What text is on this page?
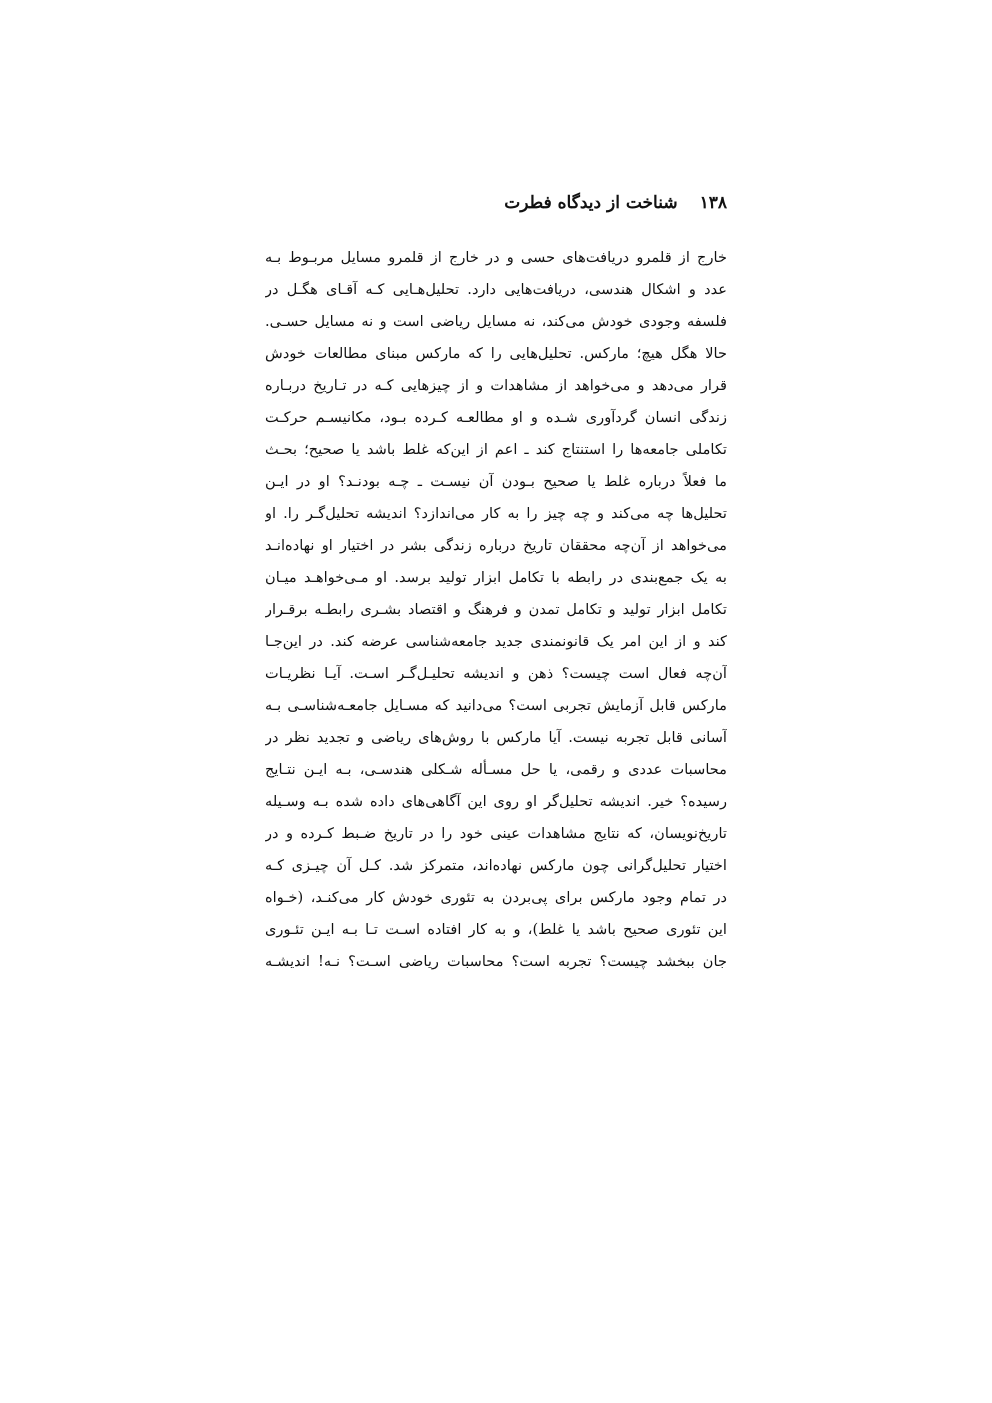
۱۳۸
شناخت از دیدگاه فطرت
خارج از قلمرو دریافت‌های حسی و در خارج از قلمرو مسایل مربـوط بـه
عدد و اشکال هندسی، دریافت‌هایی دارد. تحلیل‌هـایی کـه آقـای هگـل در
فلسفه وجودی خودش می‌کند، نه مسایل ریاضی است و نه مسایل حسـی.
حالا هگل هیچ؛ مارکس. تحلیل‌هایی را که مارکس مبنای مطالعات خودش
قرار می‌دهد و می‌خواهد از مشاهدات و از چیزهایی کـه در تـاریخ دربـاره
زندگی انسان گردآوری شـده و او مطالعـه کـرده بـود، مکانیسـم حرکـت
تکاملی جامعه‌ها را استنتاج کند ـ اعم از این‌که غلط باشد یا صحیح؛ بحـث
ما فعلاً درباره غلط یا صحیح بـودن آن نیسـت ـ چـه بودنـد؟ او در ایـن
تحلیل‌ها چه می‌کند و چه چیز را به کار می‌اندازد؟ اندیشه تحلیل‌گـر را. او
می‌خواهد از آن‌چه محققان تاریخ درباره زندگی بشر در اختیار او نهاده‌انـد
به یک جمع‌بندی در رابطه با تکامل ابزار تولید برسد. او مـی‌خواهـد میـان
تکامل ابزار تولید و تکامل تمدن و فرهنگ و اقتصاد بشـری رابطـه برقـرار
کند و از این امر یک قانونمندی جدید جامعه‌شناسی عرضه کند. در این‌جـا
آن‌چه فعال است چیست؟ ذهن و اندیشه تحلیـل‌گـر اسـت. آیـا نظریـات
مارکس قابل آزمایش تجربی است؟ می‌دانید که مسـایل جامعـه‌شناسـی بـه
آسانی قابل تجربه نیست. آیا مارکس با روش‌های ریاضی و تجدید نظر در
محاسبات عددی و رقمی، یا حل مسـأله شـکلی هندسـی، بـه ایـن نتـایج
رسیده؟ خیر. اندیشه تحلیل‌گر او روی این آگاهی‌های داده شده بـه وسـیله
تاریخ‌نویسان، که نتایج مشاهدات عینی خود را در تاریخ ضـبط کـرده و در
اختیار تحلیل‌گرانی چون مارکس نهاده‌اند، متمرکز شد. کـل آن چیـزی کـه
در تمام وجود مارکس برای پی‌بردن به تئوری خودش کار می‌کنـد، (خـواه
این تئوری صحیح باشد یا غلط)، و به کار افتاده اسـت تـا بـه ایـن تئـوری
جان ببخشد چیست؟ تجربه است؟ محاسبات ریاضی اسـت؟ نـه! اندیشـه
